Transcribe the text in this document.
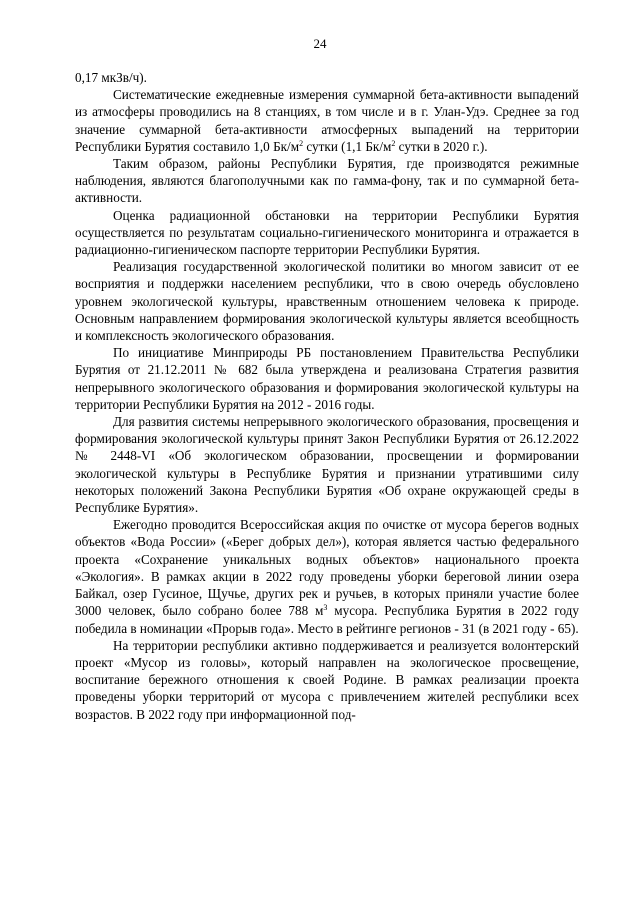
24

0,17 мкЗв/ч).

Систематические ежедневные измерения суммарной бета-активности выпадений из атмосферы проводились на 8 станциях, в том числе и в г. Улан-Удэ. Среднее за год значение суммарной бета-активности атмосферных выпадений на территории Республики Бурятия составило 1,0 $Бк/м^2$ сутки (1,1 $Бк/м^2$ сутки в 2020 г.).

Таким образом, районы Республики Бурятия, где производятся режимные наблюдения, являются благополучными как по гамма-фону, так и по суммарной бета-активности.

Оценка радиационной обстановки на территории Республики Бурятия осуществляется по результатам социально-гигиенического мониторинга и отражается в радиационно-гигиеническом паспорте территории Республики Бурятия.

Реализация государственной экологической политики во многом зависит от ее восприятия и поддержки населением республики, что в свою очередь обусловлено уровнем экологической культуры, нравственным отношением человека к природе. Основным направлением формирования экологической культуры является всеобщность и комплексность экологического образования.

По инициативе Минприроды РБ постановлением Правительства Республики Бурятия от 21.12.2011 № 682 была утверждена и реализована Стратегия развития непрерывного экологического образования и формирования экологической культуры на территории Республики Бурятия на 2012 - 2016 годы.

Для развития системы непрерывного экологического образования, просвещения и формирования экологической культуры принят Закон Республики Бурятия от 26.12.2022 № 2448-VI «Об экологическом образовании, просвещении и формировании экологической культуры в Республике Бурятия и признании утратившими силу некоторых положений Закона Республики Бурятия «Об охране окружающей среды в Республике Бурятия».

Ежегодно проводится Всероссийская акция по очистке от мусора берегов водных объектов «Вода России» («Берег добрых дел»), которая является частью федерального проекта «Сохранение уникальных водных объектов» национального проекта «Экология». В рамках акции в 2022 году проведены уборки береговой линии озера Байкал, озер Гусиное, Щучье, других рек и ручьев, в которых приняли участие более 3000 человек, было собрано более 788 $м^3$ мусора. Республика Бурятия в 2022 году победила в номинации «Прорыв года». Место в рейтинге регионов - 31 (в 2021 году - 65).

На территории республики активно поддерживается и реализуется волонтерский проект «Мусор из головы», который направлен на экологическое просвещение, воспитание бережного отношения к своей Родине. В рамках реализации проекта проведены уборки территорий от мусора с привлечением жителей республики всех возрастов. В 2022 году при информационной под-
